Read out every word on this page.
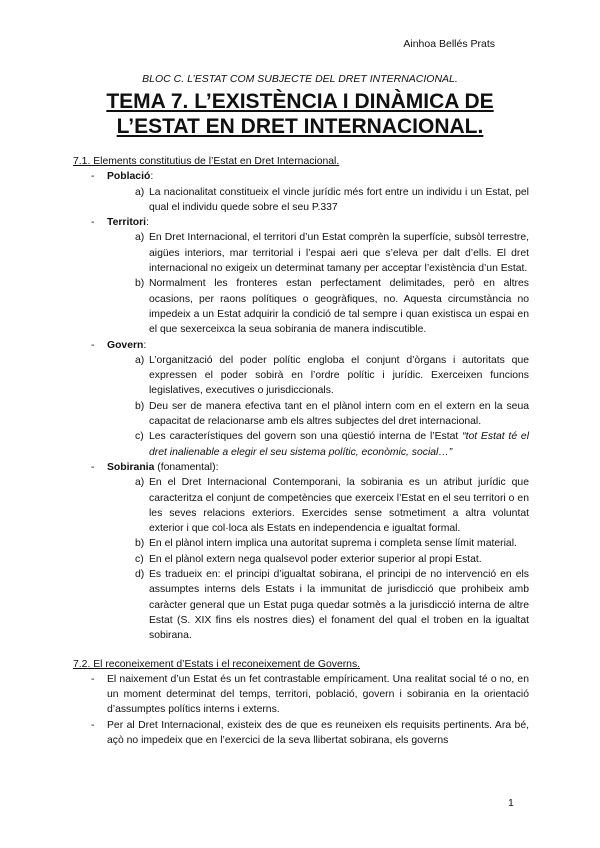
Ainhoa Bellés Prats
BLOC C. L’ESTAT COM SUBJECTE DEL DRET INTERNACIONAL.
TEMA 7. L’EXISTÈNCIA I DINÀMICA DE
L’ESTAT EN DRET INTERNACIONAL.

7.1. Elements constitutius de l’Estat en Dret Internacional.

- Població:
a) La nacionalitat constitueix el vincle jurídic més fort entre un individu i un Estat, pel qual el individu quede sobre el seu P.337
- Territori:
a) En Dret Internacional, el territori d’un Estat comprèn la superfície, subsòl terrestre, aigües interiors, mar territorial i l’espai aeri que s’eleva per dalt d’ells. El dret internacional no exigeix un determinat tamany per acceptar l’existència d’un Estat.
b) Normalment les fronteres estan perfectament delimitades, però en altres ocasions, per raons polítiques o geogràfiques, no. Aquesta circumstància no impedeix a un Estat adquirir la condició de tal sempre i quan existisca un espai en el que sexerceixca la seua sobirania de manera indiscutible.
- Govern:
a) L’organització del poder polític engloba el conjunt d’òrgans i autoritats que expressen el poder sobirà en l’ordre polític i jurídic. Exerceixen funcions legislatives, executives o jurisdiccionals.
b) Deu ser de manera efectiva tant en el plànol intern com en el extern en la seua capacitat de relacionarse amb els altres subjectes del dret internacional.
c) Les característiques del govern son una qüestió interna de l’Estat “tot Estat té el dret inalienable a elegir el seu sistema polític, econòmic, social…”
- Sobirania (fonamental):
a) En el Dret Internacional Contemporani, la sobirania es un atribut jurídic que caracteritza el conjunt de competències que exerceix l’Estat en el seu territori o en les seves relacions exteriors. Exercides sense sotmetiment a altra voluntat exterior i que col·loca als Estats en independencia e igualtat formal.
b) En el plànol intern implica una autoritat suprema i completa sense límit material.
c) En el plànol extern nega qualsevol poder exterior superior al propi Estat.
d) Es tradueix en: el principi d’igualtat sobirana, el principi de no intervenció en els assumptes interns dels Estats i la immunitat de jurisdicció que prohibeix amb caràcter general que un Estat puga quedar sotmès a la jurisdicció interna de altre Estat (S. XIX fins els nostres dies) el fonament del qual el troben en la igualtat sobirana.

7.2. El reconeixement d’Estats i el reconeixement de Governs.

- El naixement d’un Estat és un fet contrastable empíricament. Una realitat social té o no, en un moment determinat del temps, territori, població, govern i sobirania en la orientació d’assumptes polítics interns i externs.
- Per al Dret Internacional, existeix des de que es reuneixen els requisits pertinents. Ara bé, açò no impedeix que en l’exercici de la seva llibertat sobirana, els governs
1
